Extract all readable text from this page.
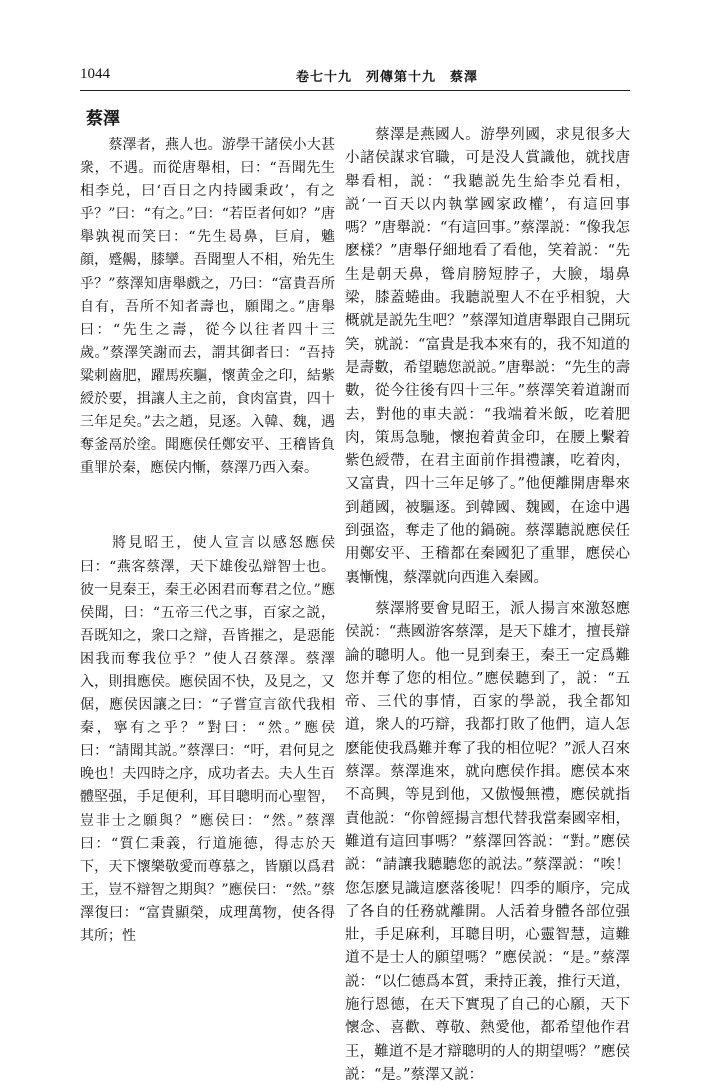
1044	卷七十九　列傳第十九　蔡澤
蔡澤

　　蔡澤者，燕人也。游學干諸侯小大甚衆，不遇。而從唐舉相，曰：“吾聞先生相李兑，曰‘百日之内持國秉政’，有之乎？”曰：“有之。”曰：“若臣者何如？”唐舉孰視而笑曰：“先生曷鼻，巨肩，魋顔，蹙齃，膝攣。吾聞聖人不相，殆先生乎？”蔡澤知唐舉戲之，乃曰：“富貴吾所自有，吾所不知者壽也，願聞之。”唐舉曰：“先生之壽，從今以往者四十三歲。”蔡澤笑謝而去，謂其御者曰：“吾持粱刺齒肥，躍馬疾驅，懷黄金之印，結紫綬於要，揖讓人主之前，食肉富貴，四十三年足矣。”去之趙，見逐。入韓、魏，遇奪釜鬲於塗。聞應侯任鄭安平、王稽皆負重罪於秦，應侯内慚，蔡澤乃西入秦。

　　將見昭王，使人宣言以感怒應侯曰：“燕客蔡澤，天下雄俊弘辯智士也。彼一見秦王，秦王必困君而奪君之位。”應侯聞，曰：“五帝三代之事，百家之説，吾既知之，衆口之辯，吾皆摧之，是惡能困我而奪我位乎？”使人召蔡澤。蔡澤入，則揖應侯。應侯固不快，及見之，又倨，應侯因讓之曰：“子嘗宣言欲代我相秦，寧有之乎？”對曰：“然。”應侯曰：“請聞其説。”蔡澤曰：“吁，君何見之晚也！夫四時之序，成功者去。夫人生百體堅强，手足便利，耳目聰明而心聖智，豈非士之願與？”應侯曰：“然。”蔡澤曰：“質仁秉義，行道施德，得志於天下，天下懷樂敬愛而尊慕之，皆願以爲君王，豈不辯智之期與？”應侯曰：“然。”蔡澤復曰：“富貴顯榮，成理萬物，使各得其所；性

　　蔡澤是燕國人。游學列國，求見很多大小諸侯謀求官職，可是没人賞識他，就找唐舉看相，説：“我聽説先生給李兑看相，説‘一百天以内執掌國家政權’，有這回事嗎？”唐舉説：“有這回事。”蔡澤説：“像我怎麽樣？”唐舉仔細地看了看他，笑着説：“先生是朝天鼻，聳肩膀短脖子，大臉，塌鼻梁，膝蓋蜷曲。我聽説聖人不在乎相貌，大概就是説先生吧？”蔡澤知道唐舉跟自己開玩笑，就説：“富貴是我本來有的，我不知道的是壽數，希望聽您説説。”唐舉説：“先生的壽數，從今往後有四十三年。”蔡澤笑着道謝而去，對他的車夫説：“我端着米飯，吃着肥肉，策馬急馳，懷抱着黄金印，在腰上繫着紫色綬帶，在君主面前作揖禮讓，吃着肉，又富貴，四十三年足够了。”他便離開唐舉來到趙國，被驅逐。到韓國、魏國，在途中遇到强盗，奪走了他的鍋碗。蔡澤聽説應侯任用鄭安平、王稽都在秦國犯了重罪，應侯心裏慚愧，蔡澤就向西進入秦國。

　　蔡澤將要會見昭王，派人揚言來激怒應侯説：“燕國游客蔡澤，是天下雄才，擅長辯論的聰明人。他一見到秦王，秦王一定爲難您并奪了您的相位。”應侯聽到了，説：“五帝、三代的事情，百家的學説，我全都知道，衆人的巧辯，我都打敗了他們，這人怎麽能使我爲難并奪了我的相位呢？”派人召來蔡澤。蔡澤進來，就向應侯作揖。應侯本來不高興，等見到他，又傲慢無禮，應侯就指責他説：“你曾經揚言想代替我當秦國宰相，難道有這回事嗎？”蔡澤回答説：“對。”應侯説：“請讓我聽聽您的説法。”蔡澤説：“唉！您怎麽見識這麽落後呢！四季的順序，完成了各自的任務就離開。人活着身體各部位强壯，手足麻利，耳聰目明，心靈智慧，這難道不是士人的願望嗎？”應侯説：“是。”蔡澤説：“以仁德爲本質，秉持正義，推行天道，施行恩德，在天下實現了自己的心願，天下懷念、喜歡、尊敬、熱愛他，都希望他作君王，難道不是才辯聰明的人的期望嗎？”應侯説：“是。”蔡澤又説：
